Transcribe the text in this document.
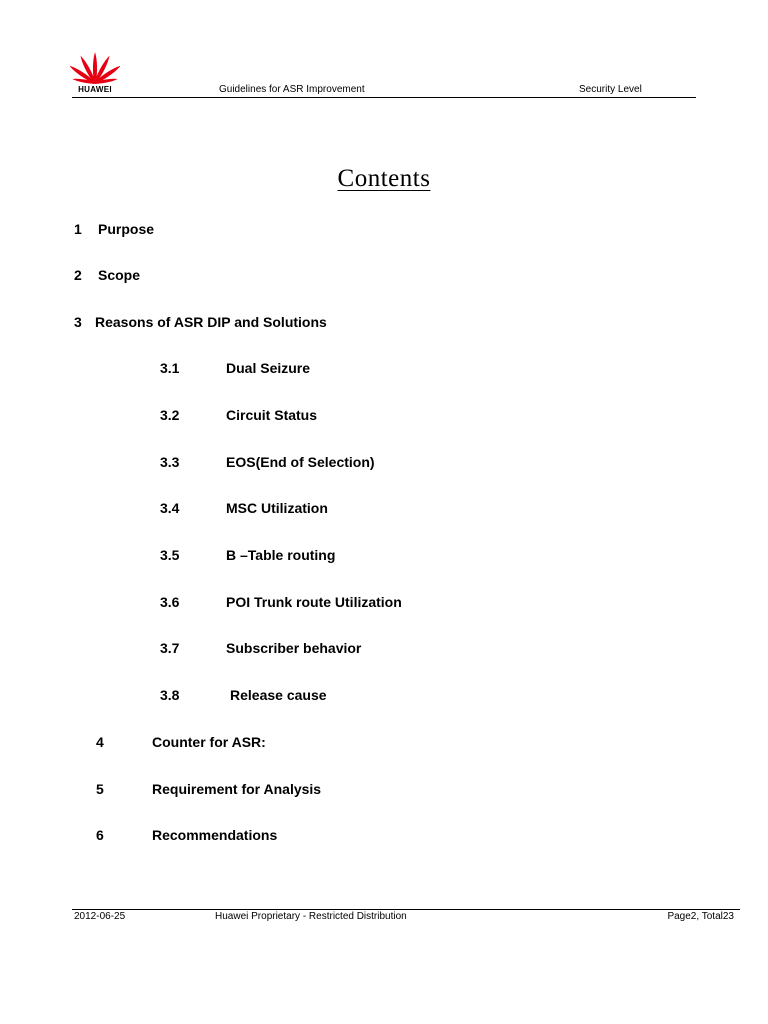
HUAWEI	Guidelines for ASR Improvement	Security Level
Contents
1 Purpose
2 Scope
3 Reasons of ASR DIP and Solutions
3.1	Dual Seizure
3.2	Circuit Status
3.3	EOS(End of Selection)
3.4	MSC Utilization
3.5	B –Table routing
3.6	POI Trunk route Utilization
3.7	Subscriber behavior
3.8	Release cause
4	Counter for ASR:
5	Requirement for Analysis
6	Recommendations
2012-06-25	Huawei Proprietary - Restricted Distribution	Page2, Total23
